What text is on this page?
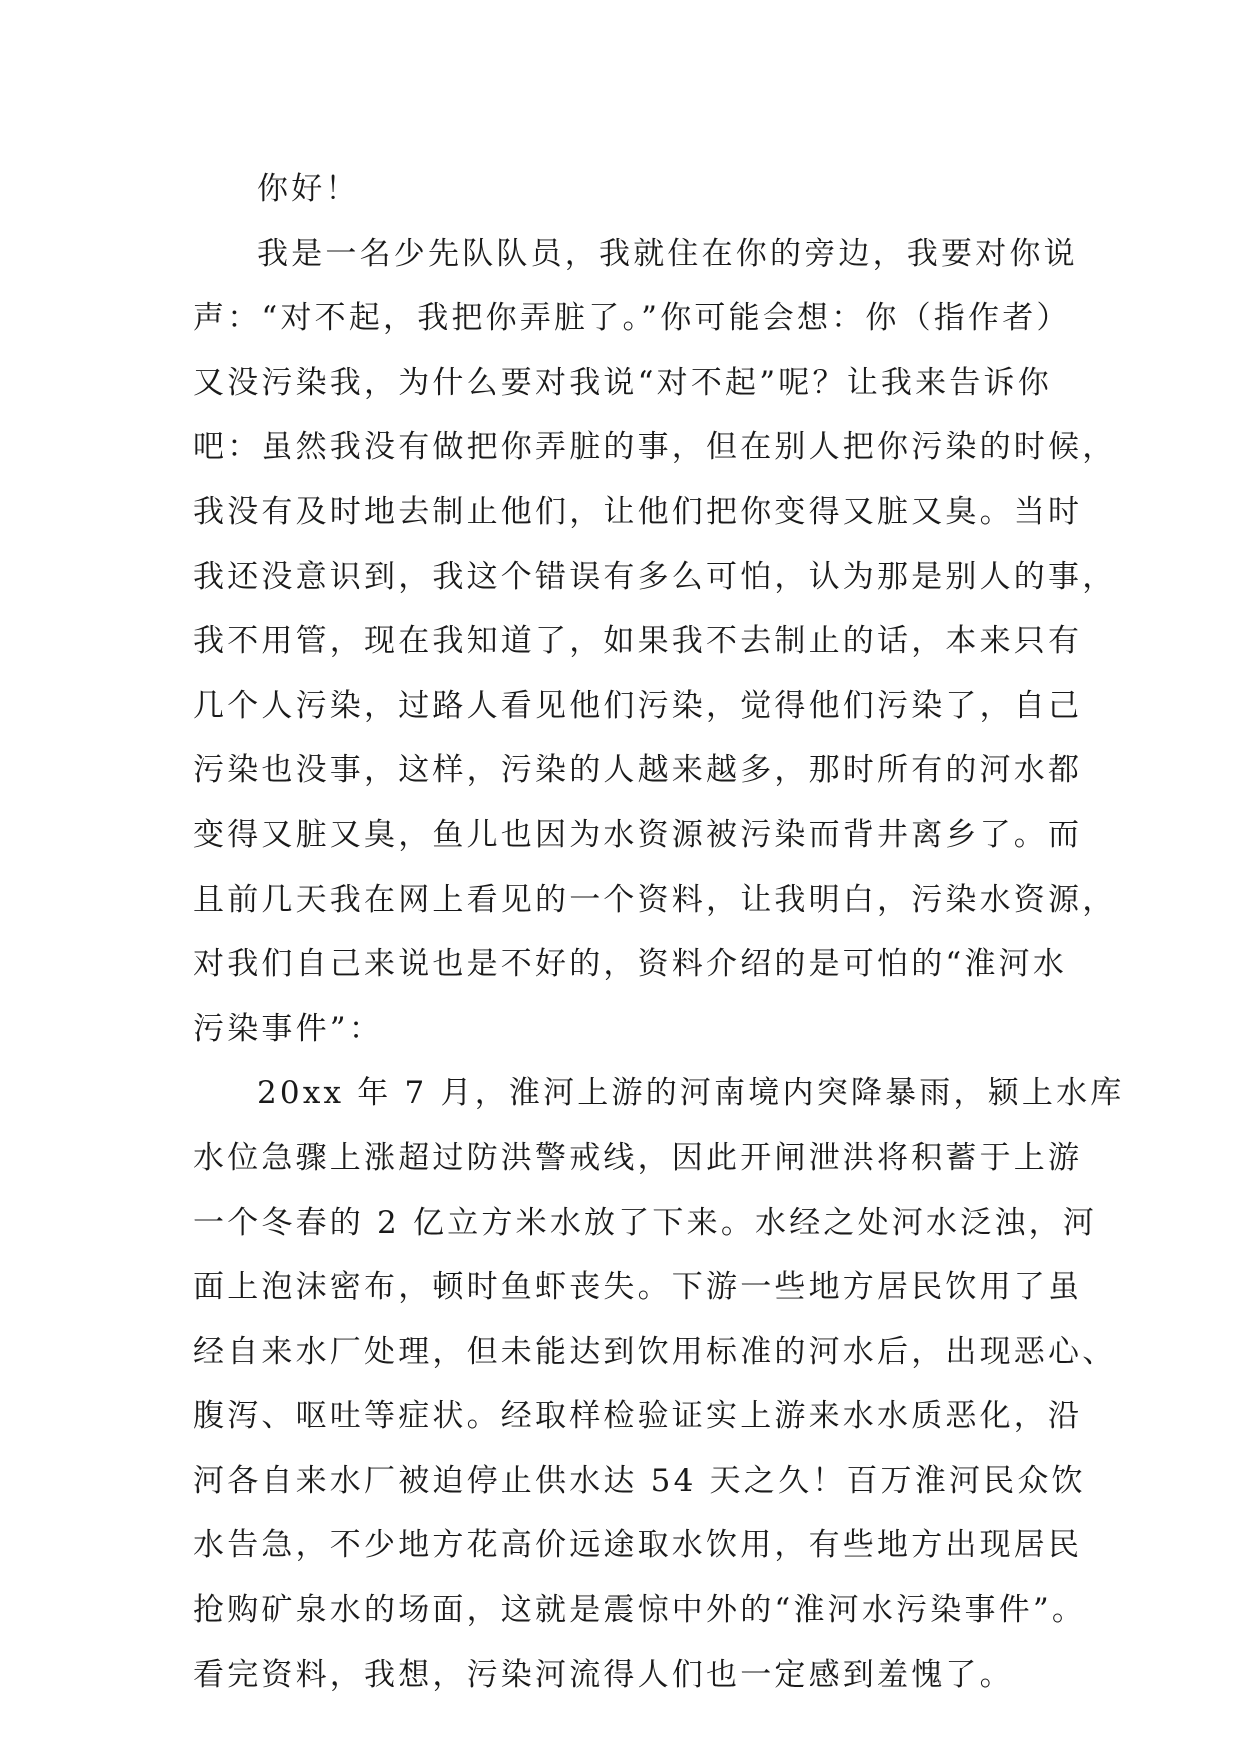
你好！
我是一名少先队队员，我就住在你的旁边，我要对你说
声：“对不起，我把你弄脏了。”你可能会想：你（指作者）
又没污染我，为什么要对我说“对不起”呢？让我来告诉你
吧：虽然我没有做把你弄脏的事，但在别人把你污染的时候，
我没有及时地去制止他们，让他们把你变得又脏又臭。当时
我还没意识到，我这个错误有多么可怕，认为那是别人的事，
我不用管，现在我知道了，如果我不去制止的话，本来只有
几个人污染，过路人看见他们污染，觉得他们污染了，自己
污染也没事，这样，污染的人越来越多，那时所有的河水都
变得又脏又臭，鱼儿也因为水资源被污染而背井离乡了。而
且前几天我在网上看见的一个资料，让我明白，污染水资源，
对我们自己来说也是不好的，资料介绍的是可怕的“淮河水
污染事件”：
20xx 年 7 月，淮河上游的河南境内突降暴雨，颍上水库
水位急骤上涨超过防洪警戒线，因此开闸泄洪将积蓄于上游
一个冬春的 2 亿立方米水放了下来。水经之处河水泛浊，河
面上泡沫密布，顿时鱼虾丧失。下游一些地方居民饮用了虽
经自来水厂处理，但未能达到饮用标准的河水后，出现恶心、
腹泻、呕吐等症状。经取样检验证实上游来水水质恶化，沿
河各自来水厂被迫停止供水达 54 天之久！百万淮河民众饮
水告急，不少地方花高价远途取水饮用，有些地方出现居民
抢购矿泉水的场面，这就是震惊中外的“淮河水污染事件”。
看完资料，我想，污染河流得人们也一定感到羞愧了。
